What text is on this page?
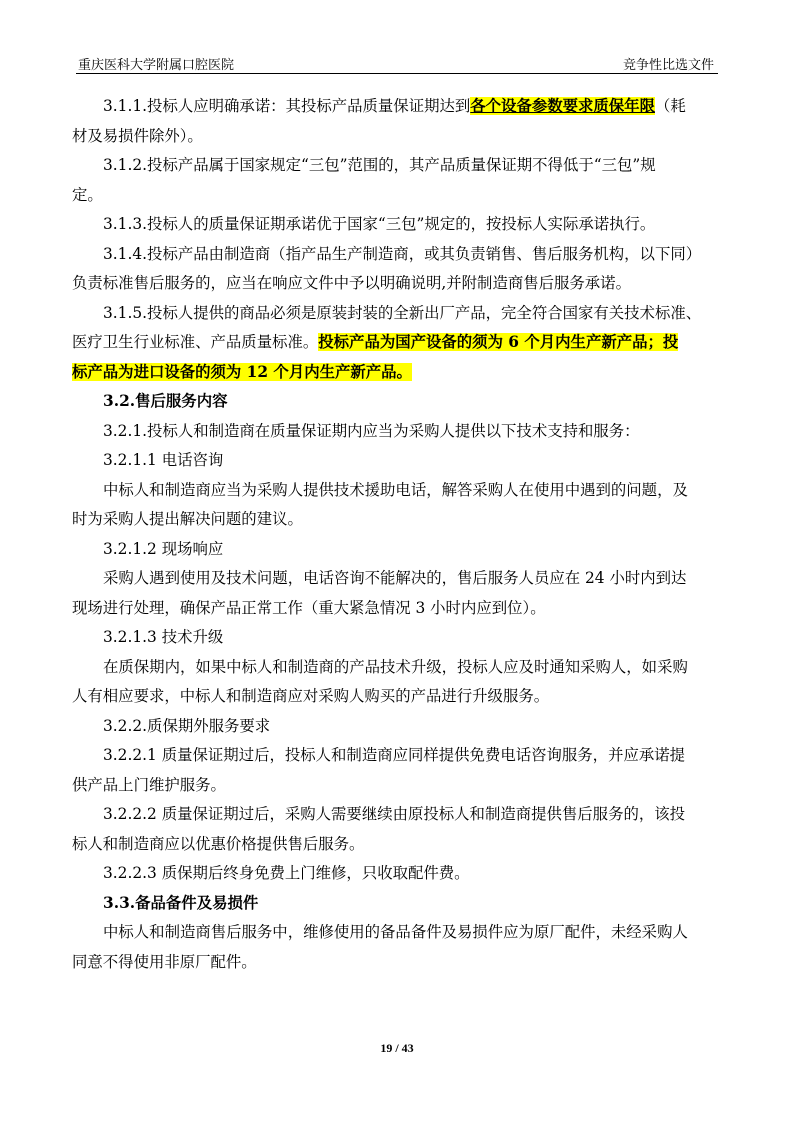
重庆医科大学附属口腔医院	竞争性比选文件

3.1.1.投标人应明确承诺：其投标产品质量保证期达到各个设备参数要求质保年限（耗

材及易损件除外）。

3.1.2.投标产品属于国家规定“三包”范围的，其产品质量保证期不得低于“三包”规

定。

3.1.3.投标人的质量保证期承诺优于国家“三包”规定的，按投标人实际承诺执行。

3.1.4.投标产品由制造商（指产品生产制造商，或其负责销售、售后服务机构，以下同）

负责标准售后服务的，应当在响应文件中予以明确说明,并附制造商售后服务承诺。

3.1.5.投标人提供的商品必须是原装封装的全新出厂产品，完全符合国家有关技术标准、

医疗卫生行业标准、产品质量标准。投标产品为国产设备的须为 6 个月内生产新产品；投

标产品为进口设备的须为 12 个月内生产新产品。

3.2.售后服务内容

3.2.1.投标人和制造商在质量保证期内应当为采购人提供以下技术支持和服务：

3.2.1.1 电话咨询

中标人和制造商应当为采购人提供技术援助电话，解答采购人在使用中遇到的问题，及

时为采购人提出解决问题的建议。

3.2.1.2 现场响应

采购人遇到使用及技术问题，电话咨询不能解决的，售后服务人员应在 24 小时内到达

现场进行处理，确保产品正常工作（重大紧急情况 3 小时内应到位）。

3.2.1.3 技术升级

在质保期内，如果中标人和制造商的产品技术升级，投标人应及时通知采购人，如采购

人有相应要求，中标人和制造商应对采购人购买的产品进行升级服务。

3.2.2.质保期外服务要求

3.2.2.1 质量保证期过后，投标人和制造商应同样提供免费电话咨询服务，并应承诺提

供产品上门维护服务。

3.2.2.2 质量保证期过后，采购人需要继续由原投标人和制造商提供售后服务的，该投

标人和制造商应以优惠价格提供售后服务。

3.2.2.3 质保期后终身免费上门维修，只收取配件费。

3.3.备品备件及易损件

中标人和制造商售后服务中，维修使用的备品备件及易损件应为原厂配件，未经采购人

同意不得使用非原厂配件。

19 / 43
